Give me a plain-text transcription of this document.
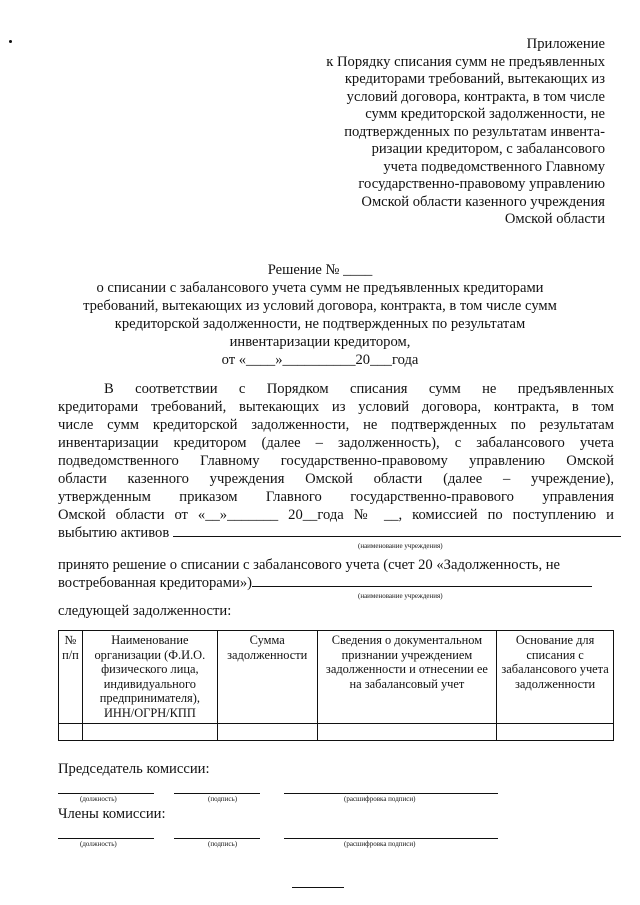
Приложение
к Порядку списания сумм не предъявленных
кредиторами требований, вытекающих из
условий договора, контракта, в том числе
сумм кредиторской задолженности, не
подтвержденных по результатам инвента-
ризации кредитором, с забалансового
учета подведомственного Главному
государственно-правовому управлению
Омской области казенного учреждения
Омской области
Решение № ____
о списании с забалансового учета сумм не предъявленных кредиторами
требований, вытекающих из условий договора, контракта, в том числе сумм
кредиторской задолженности, не подтвержденных по результатам
инвентаризации кредитором,
от «____»__________20___года
В соответствии с Порядком списания сумм не предъявленных
кредиторами требований, вытекающих из условий договора, контракта, в том
числе сумм кредиторской задолженности, не подтвержденных по результатам
инвентаризации кредитором (далее – задолженность), с забалансового учета
подведомственного Главному государственно-правовому управлению Омской
области казенного учреждения Омской области (далее – учреждение),
утвержденным приказом Главного государственно-правового управления
Омской области от «__»_______ 20__года № __, комиссией по поступлению и
выбытию активов
(наименование учреждения)
принято решение о списании с забалансового учета (счет 20 «Задолженность, не
востребованная кредиторами»)
(наименование учреждения)
следующей задолженности:
№ п/п	Наименование организации (Ф.И.О. физического лица, индивидуального предпринимателя), ИНН/ОГРН/КПП	Сумма задолженности	Сведения о документальном признании учреждением задолженности и отнесении ее на забалансовый учет	Основание для списания с забалансового учета задолженности

Председатель комиссии:
(должность)	(подпись)	(расшифровка подписи)
Члены комиссии:
(должность)	(подпись)	(расшифровка подписи)
